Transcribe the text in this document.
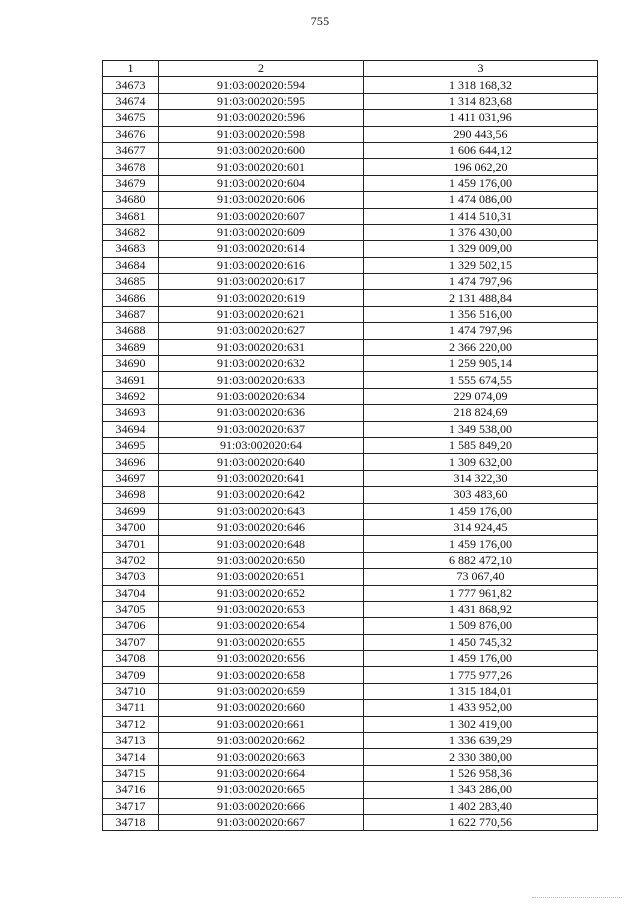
755
1	2	3
34673	91:03:002020:594	1 318 168,32
34674	91:03:002020:595	1 314 823,68
34675	91:03:002020:596	1 411 031,96
34676	91:03:002020:598	290 443,56
34677	91:03:002020:600	1 606 644,12
34678	91:03:002020:601	196 062,20
34679	91:03:002020:604	1 459 176,00
34680	91:03:002020:606	1 474 086,00
34681	91:03:002020:607	1 414 510,31
34682	91:03:002020:609	1 376 430,00
34683	91:03:002020:614	1 329 009,00
34684	91:03:002020:616	1 329 502,15
34685	91:03:002020:617	1 474 797,96
34686	91:03:002020:619	2 131 488,84
34687	91:03:002020:621	1 356 516,00
34688	91:03:002020:627	1 474 797,96
34689	91:03:002020:631	2 366 220,00
34690	91:03:002020:632	1 259 905,14
34691	91:03:002020:633	1 555 674,55
34692	91:03:002020:634	229 074,09
34693	91:03:002020:636	218 824,69
34694	91:03:002020:637	1 349 538,00
34695	91:03:002020:64	1 585 849,20
34696	91:03:002020:640	1 309 632,00
34697	91:03:002020:641	314 322,30
34698	91:03:002020:642	303 483,60
34699	91:03:002020:643	1 459 176,00
34700	91:03:002020:646	314 924,45
34701	91:03:002020:648	1 459 176,00
34702	91:03:002020:650	6 882 472,10
34703	91:03:002020:651	73 067,40
34704	91:03:002020:652	1 777 961,82
34705	91:03:002020:653	1 431 868,92
34706	91:03:002020:654	1 509 876,00
34707	91:03:002020:655	1 450 745,32
34708	91:03:002020:656	1 459 176,00
34709	91:03:002020:658	1 775 977,26
34710	91:03:002020:659	1 315 184,01
34711	91:03:002020:660	1 433 952,00
34712	91:03:002020:661	1 302 419,00
34713	91:03:002020:662	1 336 639,29
34714	91:03:002020:663	2 330 380,00
34715	91:03:002020:664	1 526 958,36
34716	91:03:002020:665	1 343 286,00
34717	91:03:002020:666	1 402 283,40
34718	91:03:002020:667	1 622 770,56
